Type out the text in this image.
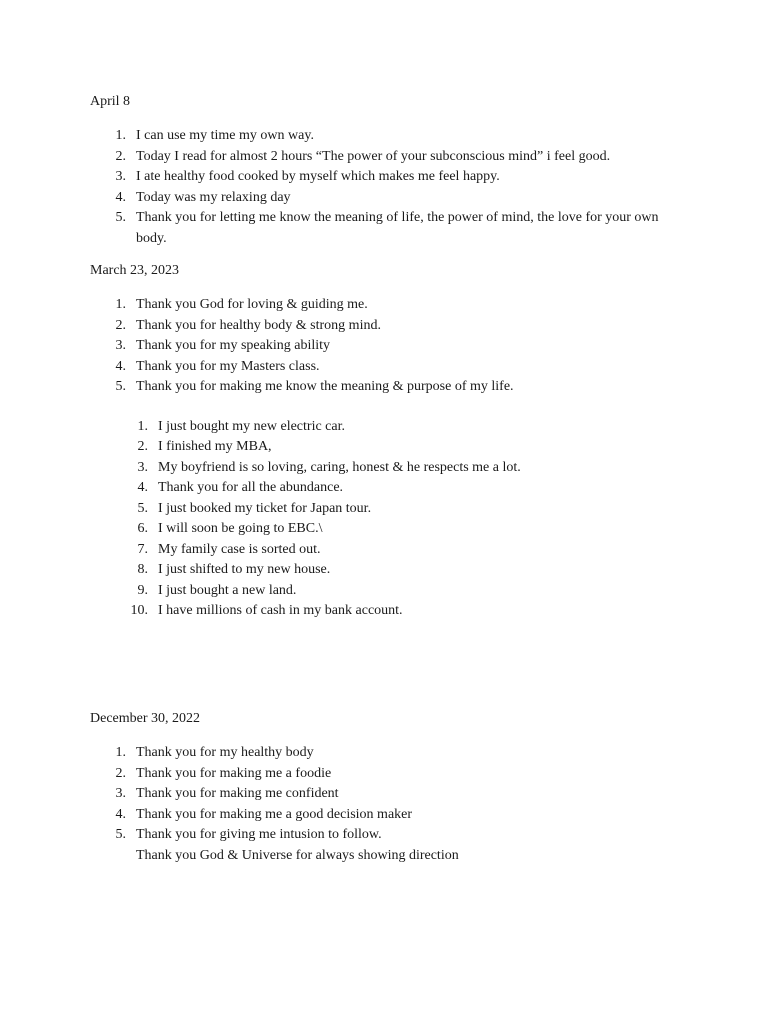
April 8
1. I can use my time my own way.
2. Today I read for almost 2 hours “The power of your subconscious mind” i feel good.
3. I ate healthy food cooked by myself which makes me feel happy.
4. Today was my relaxing day
5. Thank you for letting me know the meaning of life, the power of mind, the love for your own body.
March 23, 2023
1. Thank you God for loving & guiding me.
2. Thank you for healthy body & strong mind.
3. Thank you for my speaking ability
4. Thank you for my Masters class.
5. Thank you for making me know the meaning & purpose of my life.
1. I just bought my new electric car.
2. I finished my MBA,
3. My boyfriend is so loving, caring, honest & he respects me a lot.
4. Thank you for all the abundance.
5. I just booked my ticket for Japan tour.
6. I will soon be going to EBC.\
7. My family case is sorted out.
8. I just shifted to my new house.
9. I just bought a new land.
10. I have millions of cash in my bank account.
December 30, 2022
1. Thank you for my healthy body
2. Thank you for making me a foodie
3. Thank you for making me confident
4. Thank you for making me a good decision maker
5. Thank you for giving me intusion to follow.
Thank you God & Universe for always showing direction
